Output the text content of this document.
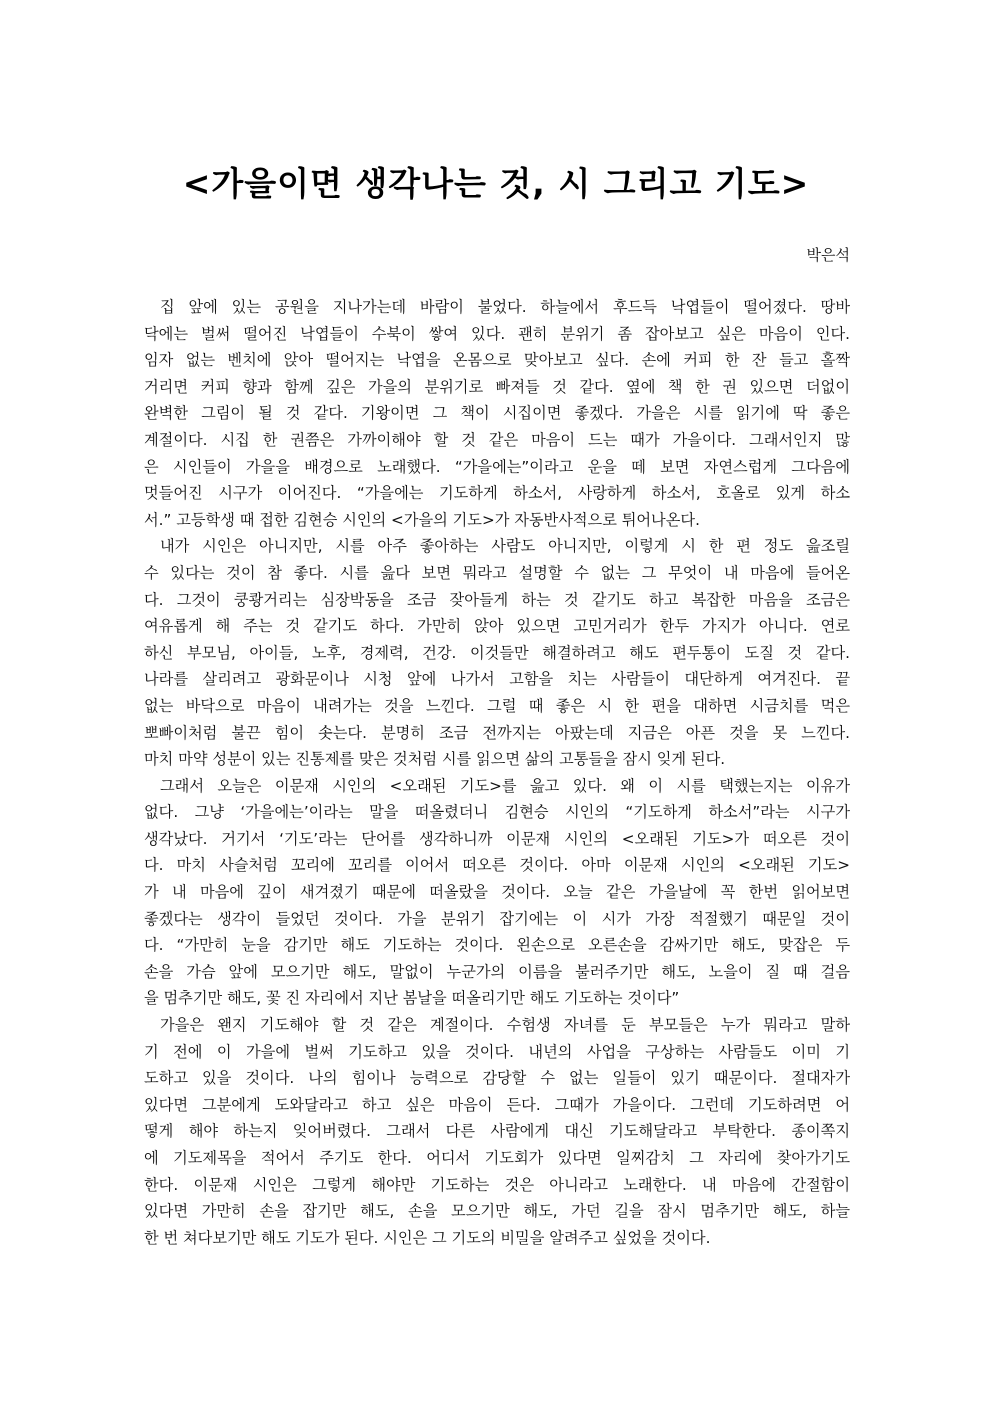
<가을이면 생각나는 것, 시 그리고 기도>
박은석
집 앞에 있는 공원을 지나가는데 바람이 불었다. 하늘에서 후드득 낙엽들이 떨어졌다. 땅바
닥에는 벌써 떨어진 낙엽들이 수북이 쌓여 있다. 괜히 분위기 좀 잡아보고 싶은 마음이 인다.
임자 없는 벤치에 앉아 떨어지는 낙엽을 온몸으로 맞아보고 싶다. 손에 커피 한 잔 들고 홀짝
거리면 커피 향과 함께 깊은 가을의 분위기로 빠져들 것 같다. 옆에 책 한 권 있으면 더없이
완벽한 그림이 될 것 같다. 기왕이면 그 책이 시집이면 좋겠다. 가을은 시를 읽기에 딱 좋은
계절이다. 시집 한 권쯤은 가까이해야 할 것 같은 마음이 드는 때가 가을이다. 그래서인지 많
은 시인들이 가을을 배경으로 노래했다. “가을에는”이라고 운을 떼 보면 자연스럽게 그다음에
멋들어진 시구가 이어진다. “가을에는 기도하게 하소서, 사랑하게 하소서, 호올로 있게 하소
서.” 고등학생 때 접한 김현승 시인의 <가을의 기도>가 자동반사적으로 튀어나온다.
내가 시인은 아니지만, 시를 아주 좋아하는 사람도 아니지만, 이렇게 시 한 편 정도 읊조릴
수 있다는 것이 참 좋다. 시를 읊다 보면 뭐라고 설명할 수 없는 그 무엇이 내 마음에 들어온
다. 그것이 쿵쾅거리는 심장박동을 조금 잦아들게 하는 것 같기도 하고 복잡한 마음을 조금은
여유롭게 해 주는 것 같기도 하다. 가만히 앉아 있으면 고민거리가 한두 가지가 아니다. 연로
하신 부모님, 아이들, 노후, 경제력, 건강. 이것들만 해결하려고 해도 편두통이 도질 것 같다.
나라를 살리려고 광화문이나 시청 앞에 나가서 고함을 치는 사람들이 대단하게 여겨진다. 끝
없는 바닥으로 마음이 내려가는 것을 느낀다. 그럴 때 좋은 시 한 편을 대하면 시금치를 먹은
뽀빠이처럼 불끈 힘이 솟는다. 분명히 조금 전까지는 아팠는데 지금은 아픈 것을 못 느낀다.
마치 마약 성분이 있는 진통제를 맞은 것처럼 시를 읽으면 삶의 고통들을 잠시 잊게 된다.
그래서 오늘은 이문재 시인의 <오래된 기도>를 읊고 있다. 왜 이 시를 택했는지는 이유가
없다. 그냥 ‘가을에는’이라는 말을 떠올렸더니 김현승 시인의 “기도하게 하소서”라는 시구가
생각났다. 거기서 ‘기도’라는 단어를 생각하니까 이문재 시인의 <오래된 기도>가 떠오른 것이
다. 마치 사슬처럼 꼬리에 꼬리를 이어서 떠오른 것이다. 아마 이문재 시인의 <오래된 기도>
가 내 마음에 깊이 새겨졌기 때문에 떠올랐을 것이다. 오늘 같은 가을날에 꼭 한번 읽어보면
좋겠다는 생각이 들었던 것이다. 가을 분위기 잡기에는 이 시가 가장 적절했기 때문일 것이
다. “가만히 눈을 감기만 해도 기도하는 것이다. 왼손으로 오른손을 감싸기만 해도, 맞잡은 두
손을 가슴 앞에 모으기만 해도, 말없이 누군가의 이름을 불러주기만 해도, 노을이 질 때 걸음
을 멈추기만 해도, 꽃 진 자리에서 지난 봄날을 떠올리기만 해도 기도하는 것이다”
가을은 왠지 기도해야 할 것 같은 계절이다. 수험생 자녀를 둔 부모들은 누가 뭐라고 말하
기 전에 이 가을에 벌써 기도하고 있을 것이다. 내년의 사업을 구상하는 사람들도 이미 기
도하고 있을 것이다. 나의 힘이나 능력으로 감당할 수 없는 일들이 있기 때문이다. 절대자가
있다면 그분에게 도와달라고 하고 싶은 마음이 든다. 그때가 가을이다. 그런데 기도하려면 어
떻게 해야 하는지 잊어버렸다. 그래서 다른 사람에게 대신 기도해달라고 부탁한다. 종이쪽지
에 기도제목을 적어서 주기도 한다. 어디서 기도회가 있다면 일찌감치 그 자리에 찾아가기도
한다. 이문재 시인은 그렇게 해야만 기도하는 것은 아니라고 노래한다. 내 마음에 간절함이
있다면 가만히 손을 잡기만 해도, 손을 모으기만 해도, 가던 길을 잠시 멈추기만 해도, 하늘
한 번 쳐다보기만 해도 기도가 된다. 시인은 그 기도의 비밀을 알려주고 싶었을 것이다.
